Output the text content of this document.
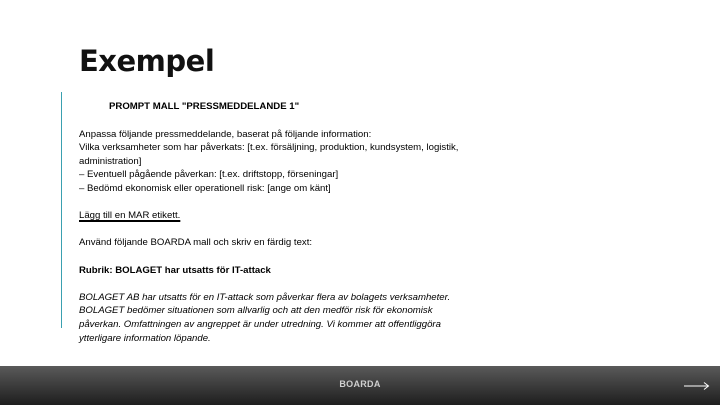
Exempel

PROMPT MALL "PRESSMEDDELANDE 1"

Anpassa följande pressmeddelande, baserat på följande information:

Vilka verksamheter som har påverkats: [t.ex. försäljning, produktion, kundsystem, logistik,

administration]

– Eventuell pågående påverkan: [t.ex. driftstopp, förseningar]

– Bedömd ekonomisk eller operationell risk: [ange om känt]

Lägg till en MAR etikett.

Använd följande BOARDA mall och skriv en färdig text:

Rubrik: BOLAGET har utsatts för IT-attack

BOLAGET AB har utsatts för en IT-attack som påverkar flera av bolagets verksamheter.

BOLAGET bedömer situationen som allvarlig och att den medför risk för ekonomisk

påverkan. Omfattningen av angreppet är under utredning. Vi kommer att offentliggöra

ytterligare information löpande.

BOARDA
